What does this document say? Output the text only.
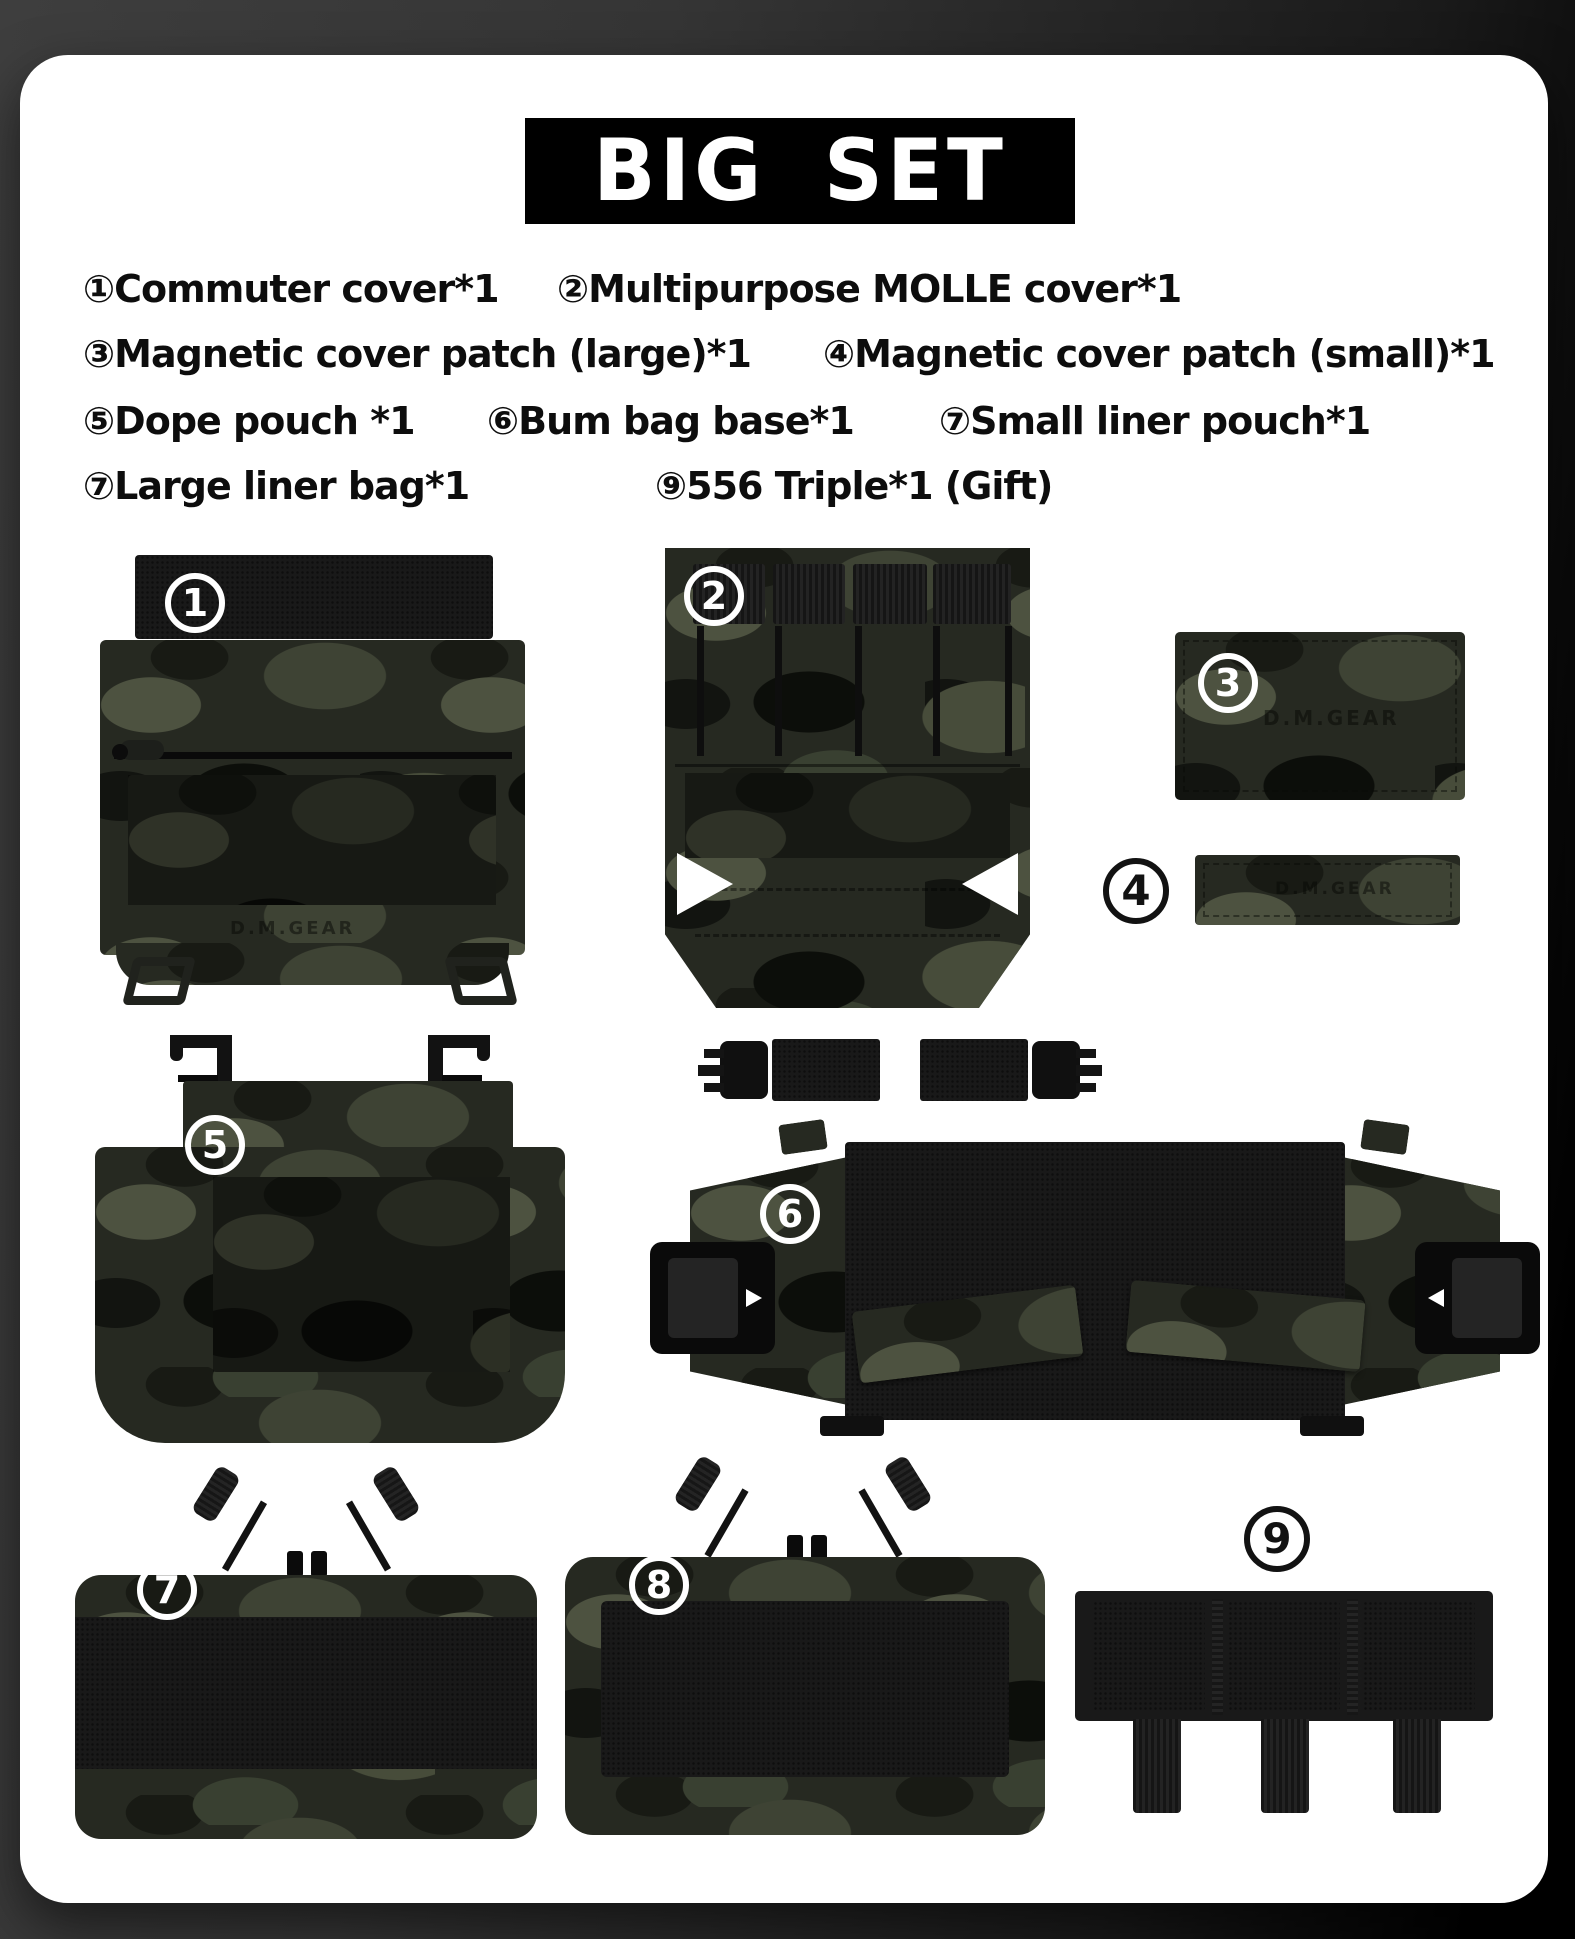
BIG SET
①Commuter cover*1 ②Multipurpose MOLLE cover*1
③Magnetic cover patch (large)*1 ④Magnetic cover patch (small)*1
⑤Dope pouch *1 ⑥Bum bag base*1 ⑦Small liner pouch*1
⑦Large liner bag*1	⑨556 Triple*1 (Gift)
D.M.GEAR
1	2
D.M.GEAR
3
4	D.M.GEAR
5
6
7	8
9
